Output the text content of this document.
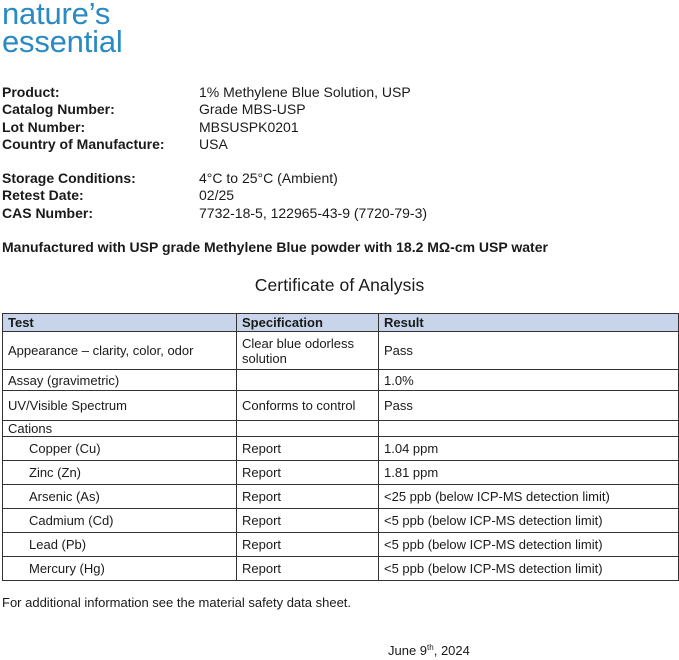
nature’s
essential
Product:	1% Methylene Blue Solution, USP
Catalog Number:	Grade MBS-USP
Lot Number:	MBSUSPK0201
Country of Manufacture: USA
Storage Conditions:	4°C to 25°C (Ambient)
Retest Date:	02/25
CAS Number:	7732-18-5, 122965-43-9 (7720-79-3)
Manufactured with USP grade Methylene Blue powder with 18.2 MΩ-cm USP water
Certificate of Analysis
Test	Specification	Result
Appearance – clarity, color, odor	Clear blue odorless solution	Pass
Assay (gravimetric)		1.0%
UV/Visible Spectrum	Conforms to control	Pass
Cations		
Copper (Cu)	Report	1.04 ppm
Zinc (Zn)	Report	1.81 ppm
Arsenic (As)	Report	<25 ppb (below ICP-MS detection limit)
Cadmium (Cd)	Report	<5 ppb (below ICP-MS detection limit)
Lead (Pb)	Report	<5 ppb (below ICP-MS detection limit)
Mercury (Hg)	Report	<5 ppb (below ICP-MS detection limit)
For additional information see the material safety data sheet.
June 9th, 2024
